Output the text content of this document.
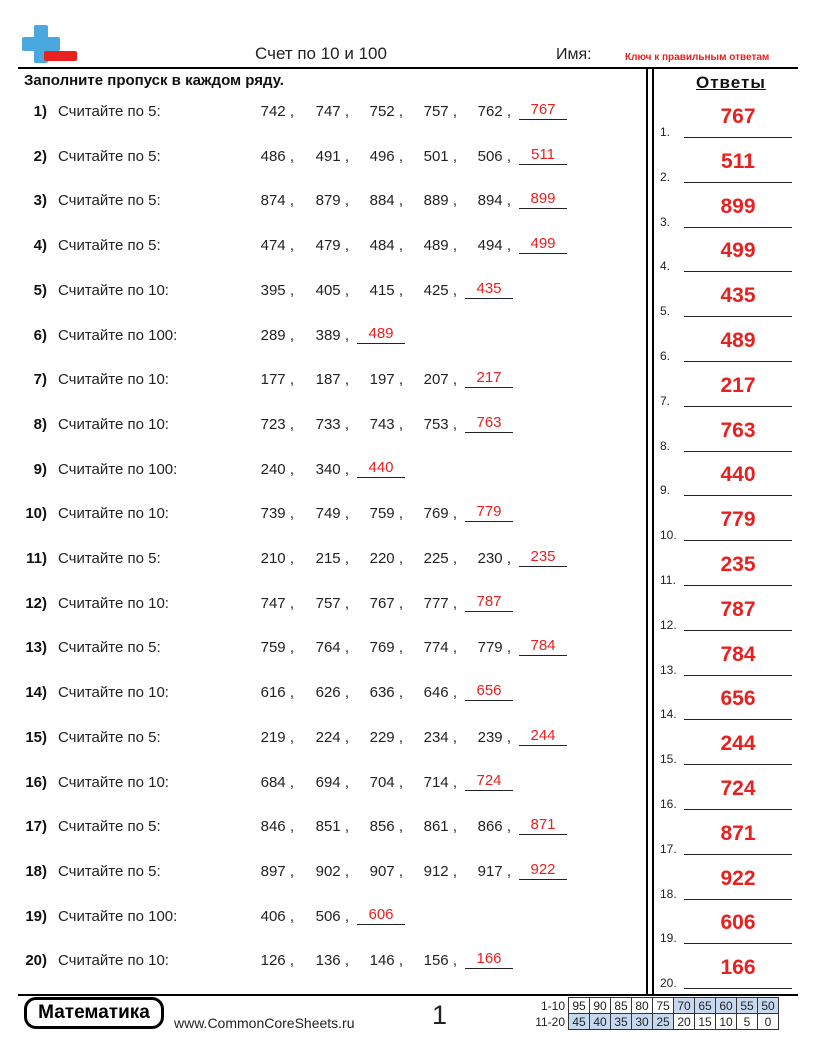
Счет по 10 и 100	Имя:	Ключ к правильным ответам
Заполните пропуск в каждом ряду.
1) Считайте по 5:	742 ,	747 ,	752 ,	757 ,	762 ,	767
2) Считайте по 5:	486 ,	491 ,	496 ,	501 ,	506 ,	511
3) Считайте по 5:	874 ,	879 ,	884 ,	889 ,	894 ,	899
4) Считайте по 5:	474 ,	479 ,	484 ,	489 ,	494 ,	499
5) Считайте по 10:	395 ,	405 ,	415 ,	425 ,	435
6) Считайте по 100:	289 ,	389 ,	489
7) Считайте по 10:	177 ,	187 ,	197 ,	207 ,	217
8) Считайте по 10:	723 ,	733 ,	743 ,	753 ,	763
9) Считайте по 100:	240 ,	340 ,	440
10) Считайте по 10:	739 ,	749 ,	759 ,	769 ,	779
11) Считайте по 5:	210 ,	215 ,	220 ,	225 ,	230 ,	235
12) Считайте по 10:	747 ,	757 ,	767 ,	777 ,	787
13) Считайте по 5:	759 ,	764 ,	769 ,	774 ,	779 ,	784
14) Считайте по 10:	616 ,	626 ,	636 ,	646 ,	656
15) Считайте по 5:	219 ,	224 ,	229 ,	234 ,	239 ,	244
16) Считайте по 10:	684 ,	694 ,	704 ,	714 ,	724
17) Считайте по 5:	846 ,	851 ,	856 ,	861 ,	866 ,	871
18) Считайте по 5:	897 ,	902 ,	907 ,	912 ,	917 ,	922
19) Считайте по 100:	406 ,	506 ,	606
20) Считайте по 10:	126 ,	136 ,	146 ,	156 ,	166
Ответы
1.
767
2.
511
3.
899
4.
499
5.
435
6.
489
7.
217
8.
763
9.
440
10.
779
11.
235
12.
787
13.
784
14.
656
15.
244
16.
724
17.
871
18.
922
19.
606
20.
166
Математика	www.CommonCoreSheets.ru	1	1-10	95	90	85	80	75	70	65	60	55	50
11-20	45	40	35	30	25	20	15	10	5	0
